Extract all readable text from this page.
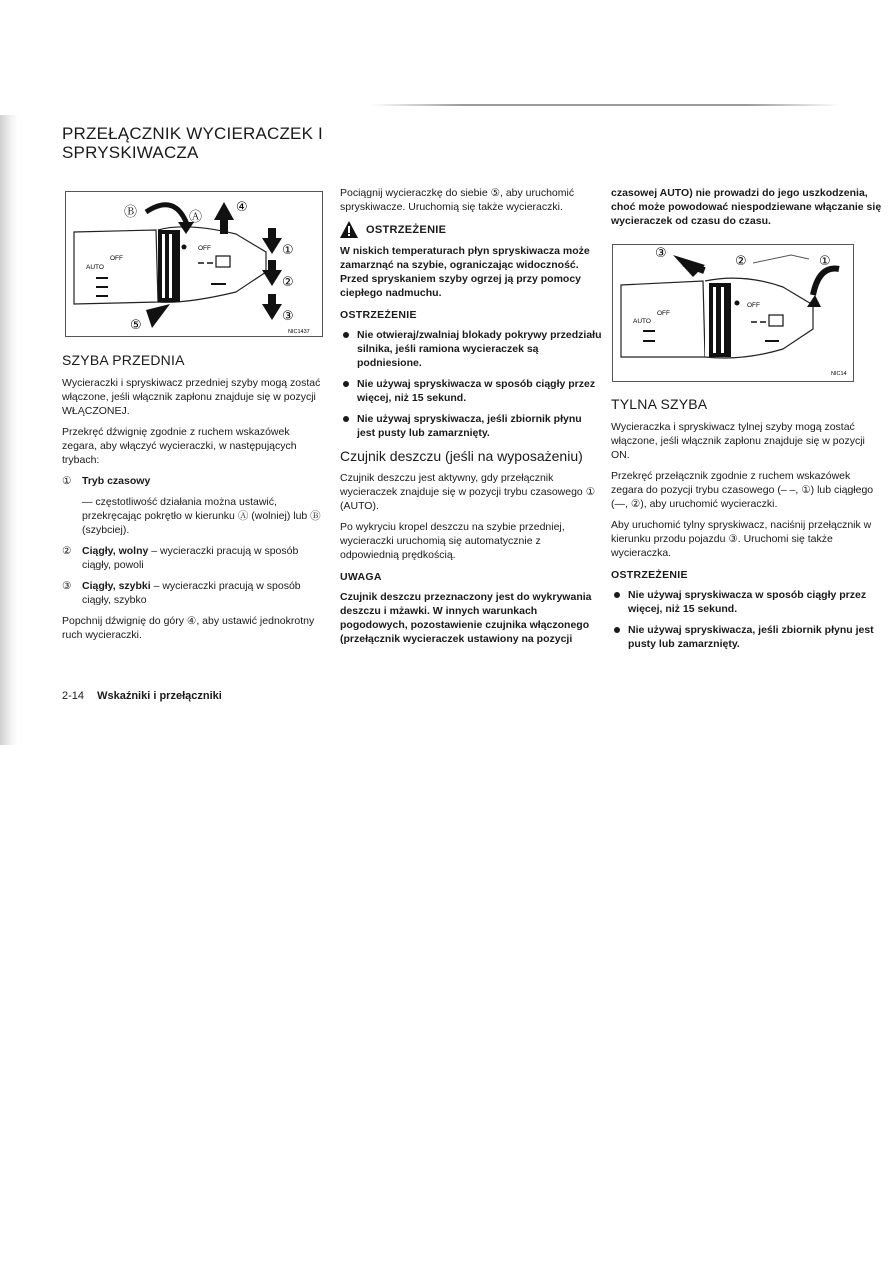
PRZEŁĄCZNIK WYCIERACZEK I
SPRYSKIWACZA
Ⓑ	Ⓐ
④
①
②
③
⑤
OFF
AUTO
OFF
NIC1437
SZYBA PRZEDNIA

Wycieraczki i spryskiwacz przedniej szyby mogą zostać włączone, jeśli włącznik zapłonu znajduje się w pozycji WŁĄCZONEJ.

Przekręć dźwignię zgodnie z ruchem wskazówek zegara, aby włączyć wycieraczki, w następujących trybach:

①	Tryb czasowy
— częstotliwość działania można ustawić, przekręcając pokrętło w kierunku Ⓐ (wolniej) lub Ⓑ (szybciej).
②	Ciągły, wolny – wycieraczki pracują w sposób ciągły, powoli
③	Ciągły, szybki – wycieraczki pracują w sposób ciągły, szybko

Popchnij dźwignię do góry ④, aby ustawić jednokrotny ruch wycieraczki.

Pociągnij wycieraczkę do siebie ⑤, aby uruchomić spryskiwacze. Uruchomią się także wycieraczki.

OSTRZEŻENIE

W niskich temperaturach płyn spryskiwacza może zamarznąć na szybie, ograniczając widoczność. Przed spryskaniem szyby ogrzej ją przy pomocy ciepłego nadmuchu.

OSTRZEŻENIE
Nie otwieraj/zwalniaj blokady pokrywy przedziału silnika, jeśli ramiona wycieraczek są podniesione.
Nie używaj spryskiwacza w sposób ciągły przez więcej, niż 15 sekund.
Nie używaj spryskiwacza, jeśli zbiornik płynu jest pusty lub zamarznięty.
Czujnik deszczu (jeśli na wyposażeniu)

Czujnik deszczu jest aktywny, gdy przełącznik wycieraczek znajduje się w pozycji trybu czasowego ① (AUTO).

Po wykryciu kropel deszczu na szybie przedniej, wycieraczki uruchomią się automatycznie z odpowiednią prędkością.

UWAGA

Czujnik deszczu przeznaczony jest do wykrywania deszczu i mżawki. W innych warunkach pogodowych, pozostawienie czujnika włączonego (przełącznik wycieraczek ustawiony na pozycji

czasowej AUTO) nie prowadzi do jego uszkodzenia, choć może powodować niespodziewane włączanie się wycieraczek od czasu do czasu.

③
②	①
OFF
AUTO
OFF
NIC14
TYLNA SZYBA

Wycieraczka i spryskiwacz tylnej szyby mogą zostać włączone, jeśli włącznik zapłonu znajduje się w pozycji ON.

Przekręć przełącznik zgodnie z ruchem wskazówek zegara do pozycji trybu czasowego (– –, ①) lub ciągłego (—, ②), aby uruchomić wycieraczki.

Aby uruchomić tylny spryskiwacz, naciśnij przełącznik w kierunku przodu pojazdu ③. Uruchomi się także wycieraczka.

OSTRZEŻENIE
Nie używaj spryskiwacza w sposób ciągły przez więcej, niż 15 sekund.
Nie używaj spryskiwacza, jeśli zbiornik płynu jest pusty lub zamarznięty.
2-14 Wskaźniki i przełączniki
